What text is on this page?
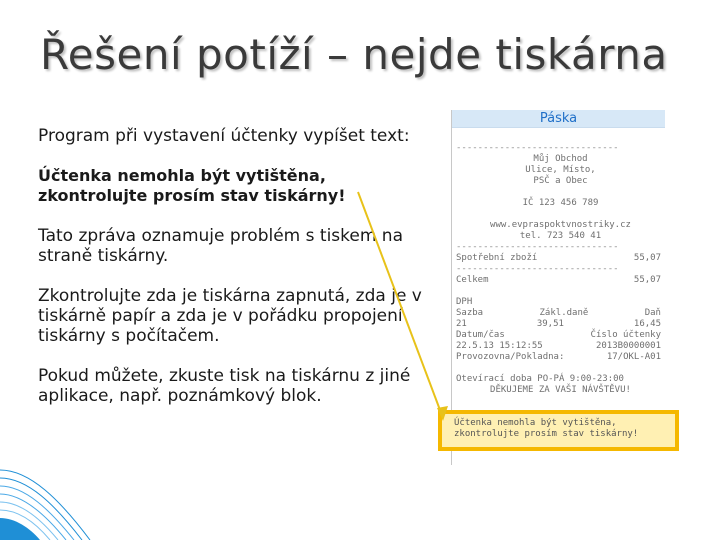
Řešení potíží – nejde tiskárna

Program při vystavení účtenky vypíšet text:

Účtenka nemohla být vytištěna,
zkontrolujte prosím stav tiskárny!

Tato zpráva oznamuje problém s tiskem na straně tiskárny.

Zkontrolujte zda je tiskárna zapnutá, zda je v tiskárně papír a zda je v pořádku propojení tiskárny s počítačem.

Pokud můžete, zkuste tisk na tiskárnu z jiné aplikace, např. poznámkový blok.

Páska

------------------------------
Můj Obchod
Ulice, Místo,
PSČ a Obec

IČ 123 456 789

www.evpraspoktvnostriky.cz
tel. 723 540 41
------------------------------
Spotřební zboží	55,07
------------------------------
Celkem	55,07

DPH

Sazba	Zákl.daně	Daň
21	39,51	16,45
Datum/čas	Číslo účtenky
22.5.13 15:12:55	2013B0000001
Provozovna/Pokladna:	17/OKL-A01

Otevírací doba PO-PÁ 9:00-23:00

DĚKUJEME ZA VAŠI NÁVŠTĚVU!

Účtenka nemohla být vytištěna,
zkontrolujte prosím stav tiskárny!
